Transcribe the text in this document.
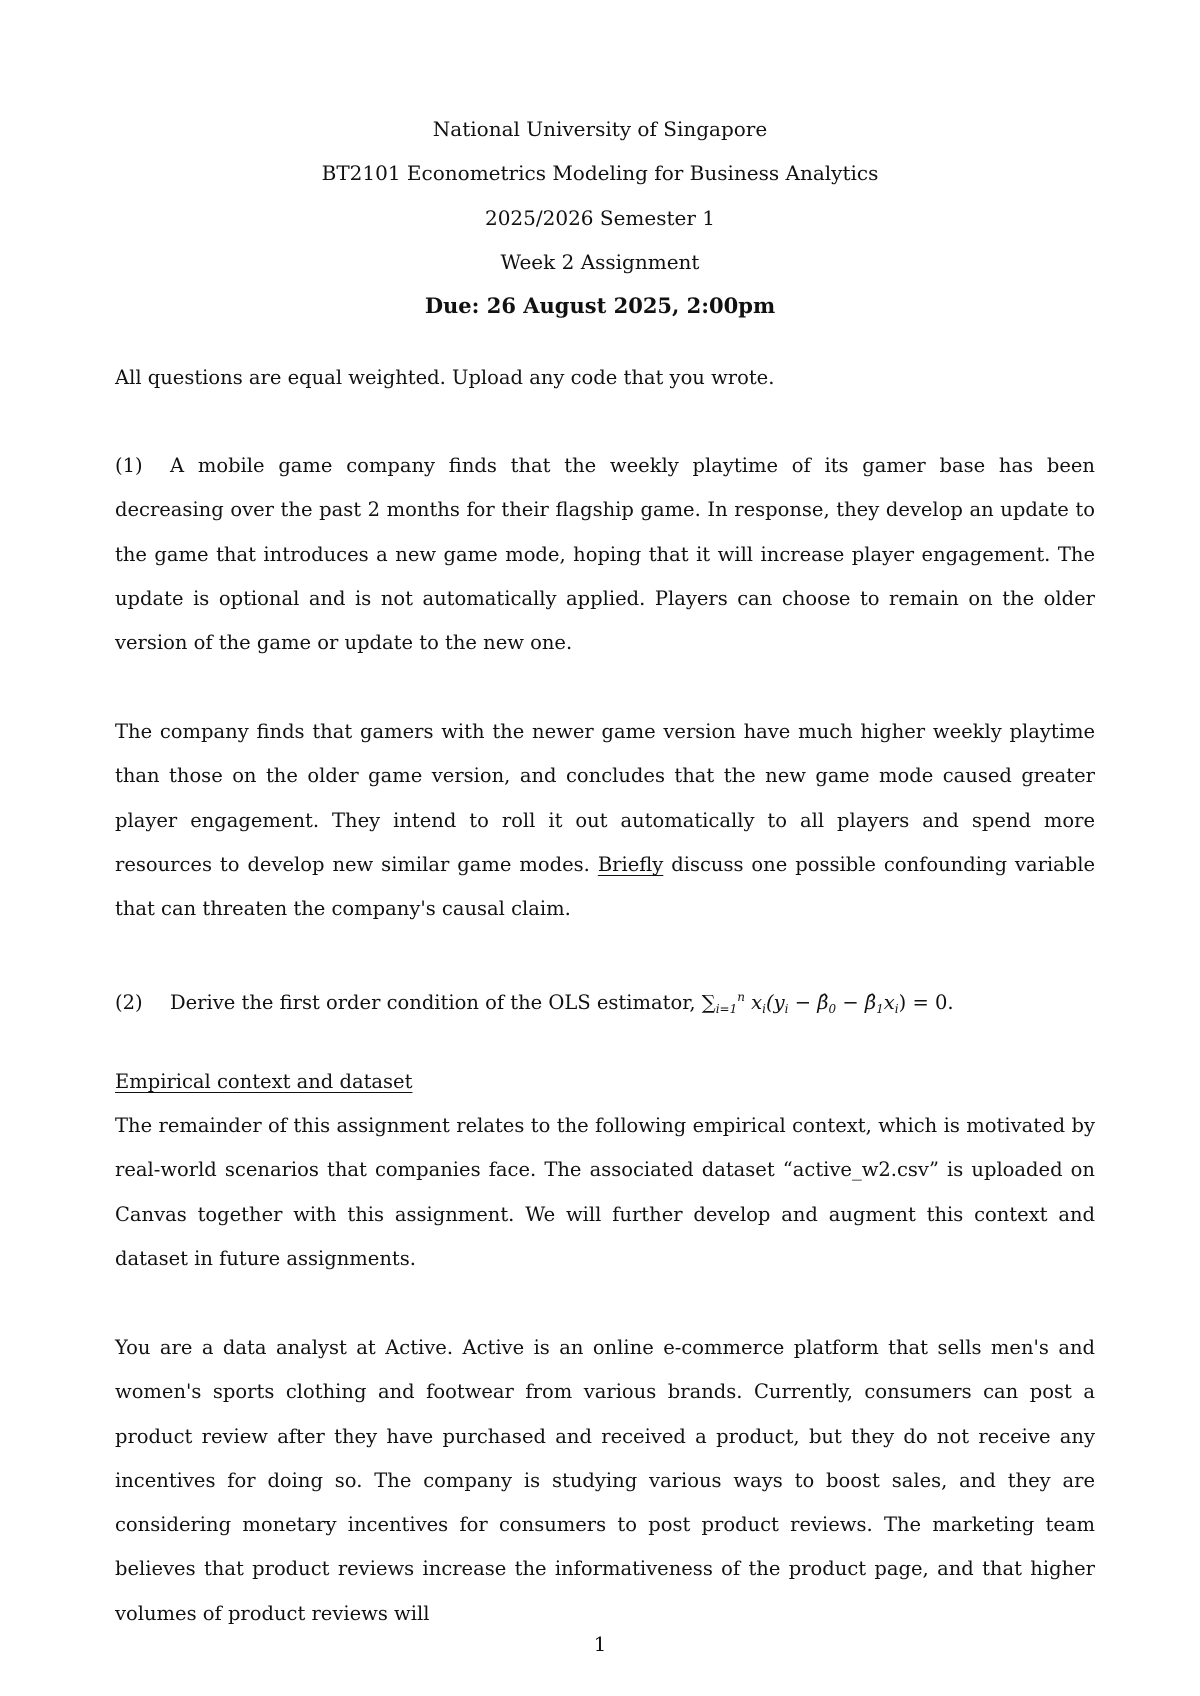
National University of Singapore
BT2101 Econometrics Modeling for Business Analytics
2025/2026 Semester 1
Week 2 Assignment
Due: 26 August 2025, 2:00pm
All questions are equal weighted. Upload any code that you wrote.
(1) A mobile game company finds that the weekly playtime of its gamer base has been decreasing over the past 2 months for their flagship game. In response, they develop an update to the game that introduces a new game mode, hoping that it will increase player engagement. The update is optional and is not automatically applied. Players can choose to remain on the older version of the game or update to the new one.
The company finds that gamers with the newer game version have much higher weekly playtime than those on the older game version, and concludes that the new game mode caused greater player engagement. They intend to roll it out automatically to all players and spend more resources to develop new similar game modes. Briefly discuss one possible confounding variable that can threaten the company's causal claim.
(2) Derive the first order condition of the OLS estimator, $\sum_{i=1}^n$ $x_i(y_i$ − $\betâ_0$ − $\betâ_1x_i) = 0$.
Empirical context and dataset
The remainder of this assignment relates to the following empirical context, which is motivated by real-world scenarios that companies face. The associated dataset “active_w2.csv” is uploaded on Canvas together with this assignment. We will further develop and augment this context and dataset in future assignments.
You are a data analyst at Active. Active is an online e-commerce platform that sells men's and women's sports clothing and footwear from various brands. Currently, consumers can post a product review after they have purchased and received a product, but they do not receive any incentives for doing so. The company is studying various ways to boost sales, and they are considering monetary incentives for consumers to post product reviews. The marketing team believes that product reviews increase the informativeness of the product page, and that higher volumes of product reviews will
1
